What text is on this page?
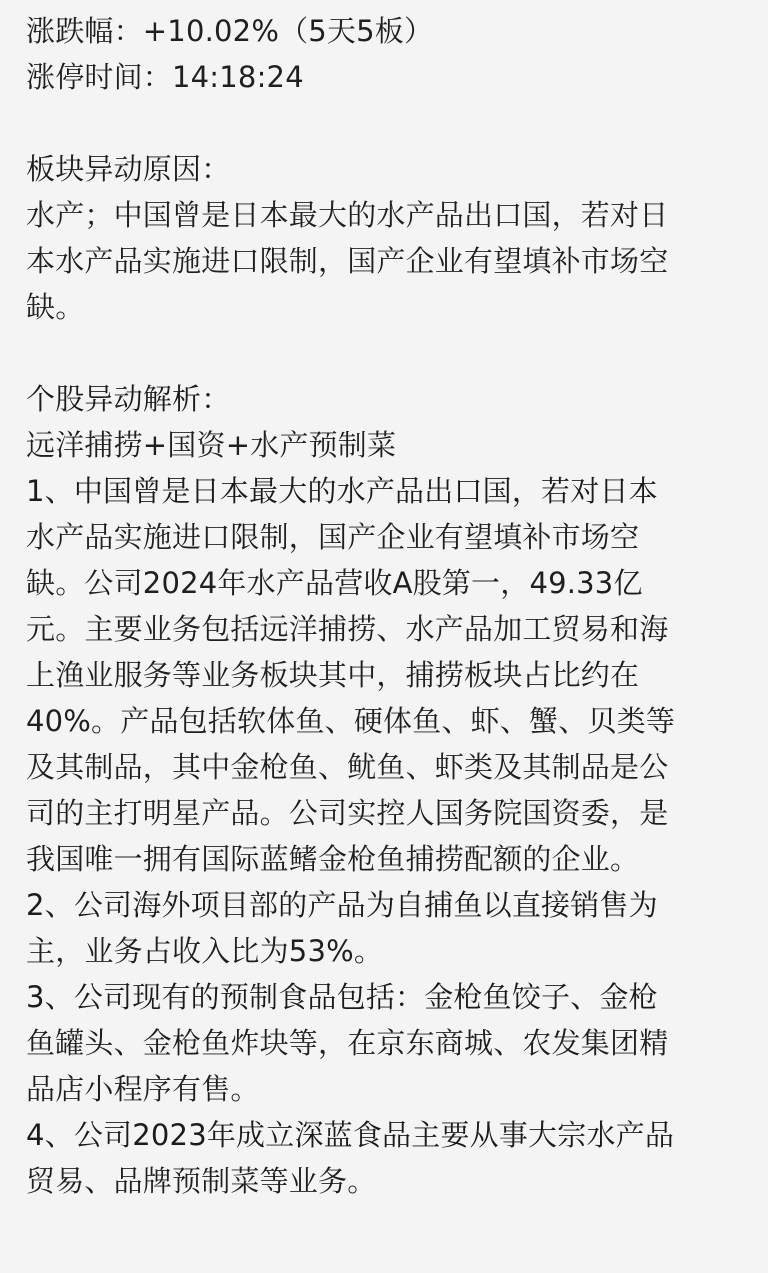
涨跌幅：+10.02%（5天5板）
涨停时间：14:18:24
板块异动原因：
水产；中国曾是日本最大的水产品出口国，若对日
本水产品实施进口限制，国产企业有望填补市场空
缺。
个股异动解析：
远洋捕捞+国资+水产预制菜
1、中国曾是日本最大的水产品出口国，若对日本
水产品实施进口限制，国产企业有望填补市场空
缺。公司2024年水产品营收A股第一，49.33亿
元。主要业务包括远洋捕捞、水产品加工贸易和海
上渔业服务等业务板块其中，捕捞板块占比约在
40%。产品包括软体鱼、硬体鱼、虾、蟹、贝类等
及其制品，其中金枪鱼、鱿鱼、虾类及其制品是公
司的主打明星产品。公司实控人国务院国资委，是
我国唯一拥有国际蓝鳍金枪鱼捕捞配额的企业。
2、公司海外项目部的产品为自捕鱼以直接销售为
主，业务占收入比为53%。
3、公司现有的预制食品包括：金枪鱼饺子、金枪
鱼罐头、金枪鱼炸块等，在京东商城、农发集团精
品店小程序有售。
4、公司2023年成立深蓝食品主要从事大宗水产品
贸易、品牌预制菜等业务。
